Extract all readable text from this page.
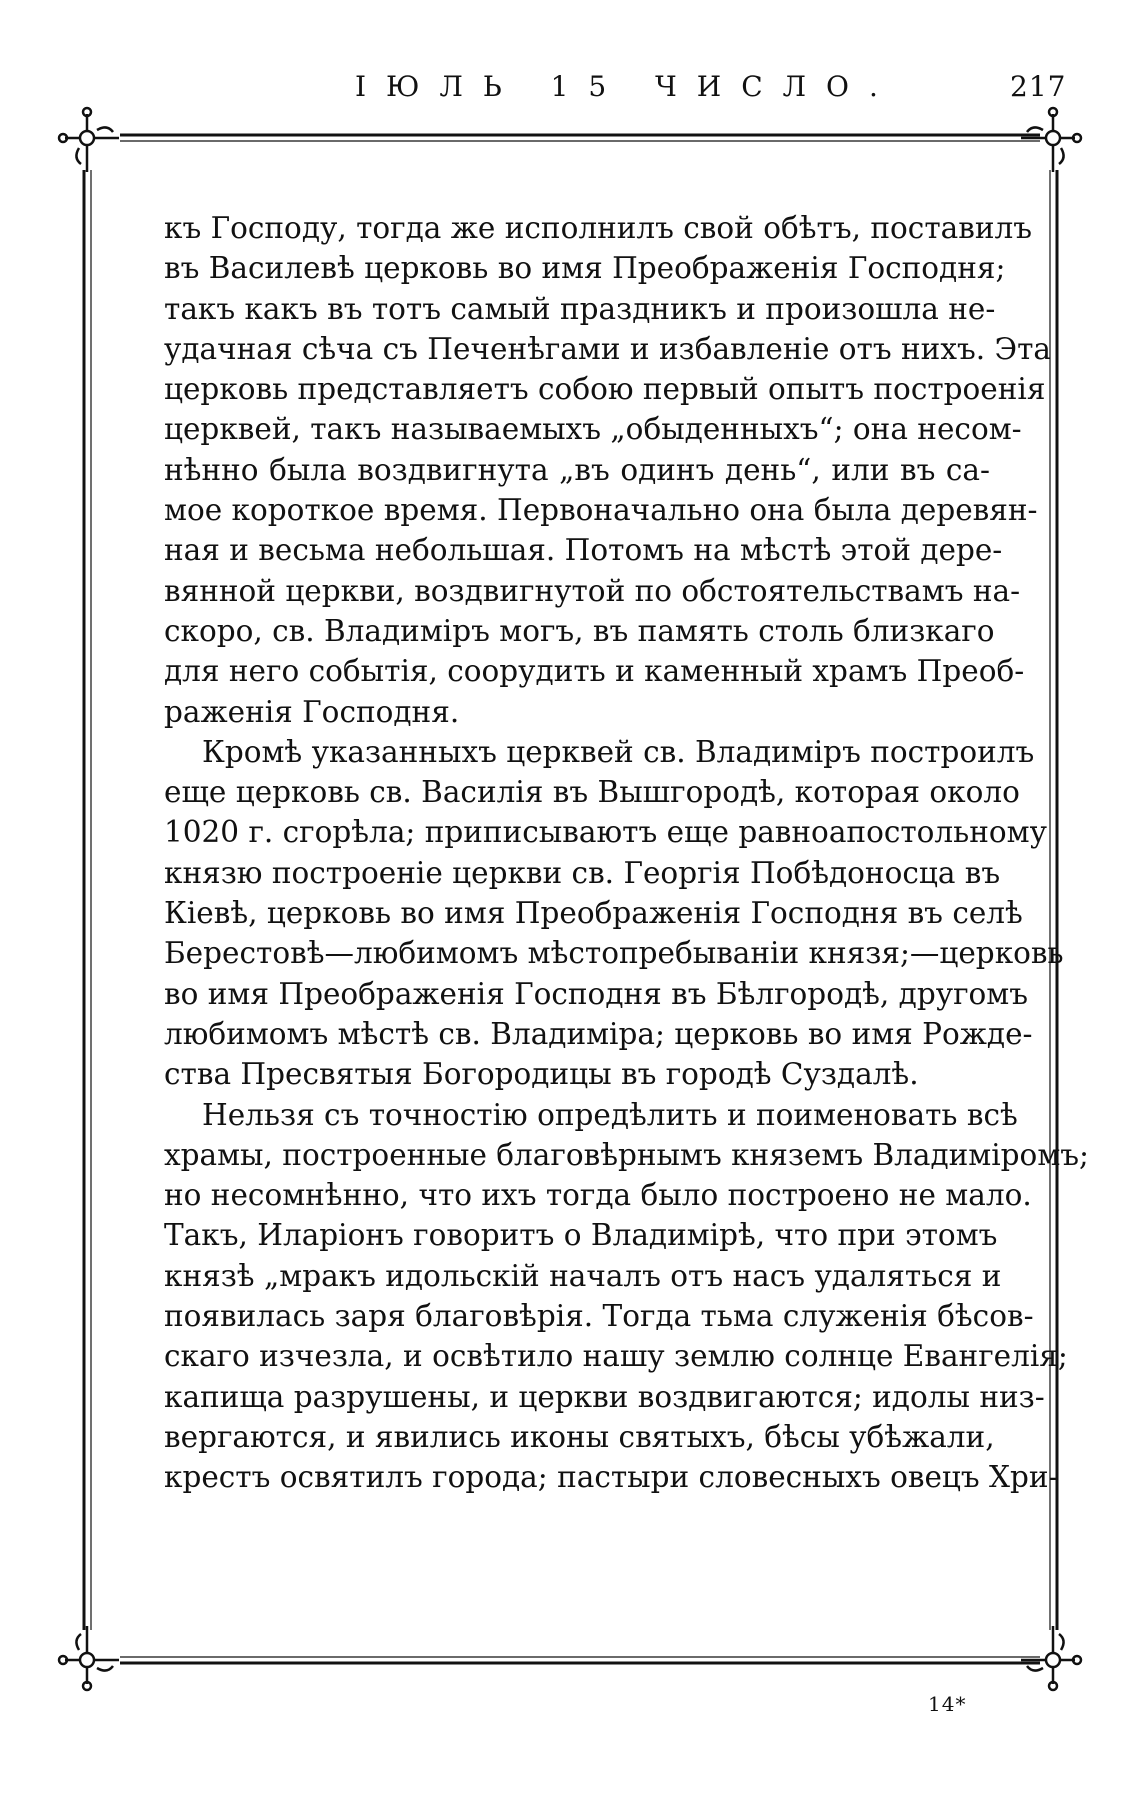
ІЮЛЬ 15 ЧИСЛО.	217
къ Господу, тогда же исполнилъ свой обѣтъ, поставилъ
въ Василевѣ церковь во имя Преображенія Господня;
такъ какъ въ тотъ самый праздникъ и произошла не-
удачная сѣча съ Печенѣгами и избавленіе отъ нихъ. Эта
церковь представляетъ собою первый опытъ построенія
церквей, такъ называемыхъ „обыденныхъ“; она несом-
нѣнно была воздвигнута „въ одинъ день“, или въ са-
мое короткое время. Первоначально она была деревян-
ная и весьма небольшая. Потомъ на мѣстѣ этой дере-
вянной церкви, воздвигнутой по обстоятельствамъ на-
скоро, св. Владиміръ могъ, въ память столь близкаго
для него событія, соорудить и каменный храмъ Преоб-
раженія Господня.
Кромѣ указанныхъ церквей св. Владиміръ построилъ
еще церковь св. Василія въ Вышгородѣ, которая около
1020 г. сгорѣла; приписываютъ еще равноапостольному
князю построеніе церкви св. Георгія Побѣдоносца въ
Кіевѣ, церковь во имя Преображенія Господня въ селѣ
Берестовѣ—любимомъ мѣстопребываніи князя;—церковь
во имя Преображенія Господня въ Бѣлгородѣ, другомъ
любимомъ мѣстѣ св. Владиміра; церковь во имя Рожде-
ства Пресвятыя Богородицы въ городѣ Суздалѣ.
Нельзя съ точностію опредѣлить и поименовать всѣ
храмы, построенные благовѣрнымъ княземъ Владиміромъ;
но несомнѣнно, что ихъ тогда было построено не мало.
Такъ, Иларіонъ говоритъ о Владимірѣ, что при этомъ
князѣ „мракъ идольскій началъ отъ насъ удаляться и
появилась заря благовѣрія. Тогда тьма служенія бѣсов-
скаго изчезла, и освѣтило нашу землю солнце Евангелія;
капища разрушены, и церкви воздвигаются; идолы низ-
вергаются, и явились иконы святыхъ, бѣсы убѣжали,
крестъ освятилъ города; пастыри словесныхъ овецъ Хри-
14*
